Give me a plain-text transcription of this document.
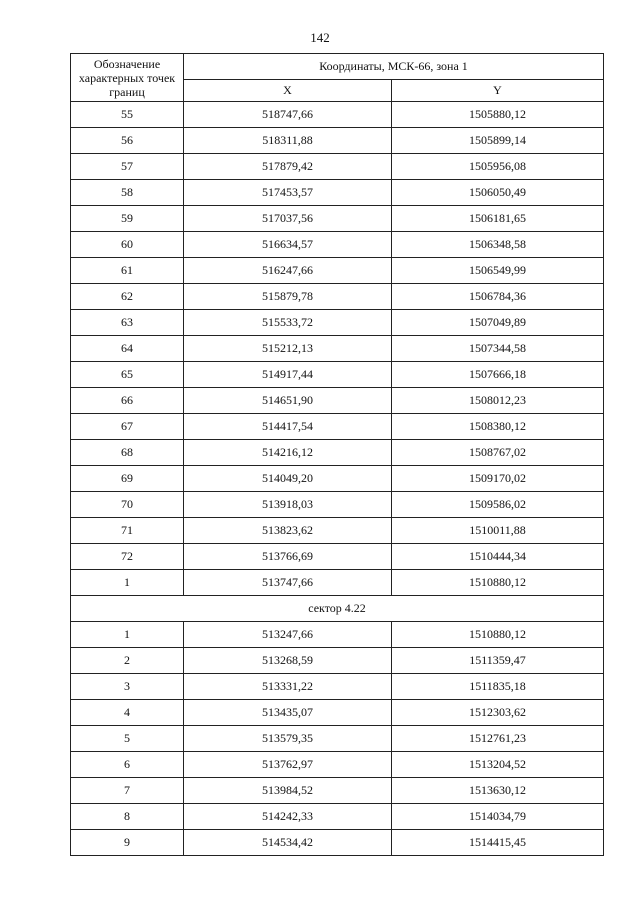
142
Обозначение характерных точек границ	Координаты, МСК-66, зона 1	
	X	Y
55	518747,66	1505880,12
56	518311,88	1505899,14
57	517879,42	1505956,08
58	517453,57	1506050,49
59	517037,56	1506181,65
60	516634,57	1506348,58
61	516247,66	1506549,99
62	515879,78	1506784,36
63	515533,72	1507049,89
64	515212,13	1507344,58
65	514917,44	1507666,18
66	514651,90	1508012,23
67	514417,54	1508380,12
68	514216,12	1508767,02
69	514049,20	1509170,02
70	513918,03	1509586,02
71	513823,62	1510011,88
72	513766,69	1510444,34
1	513747,66	1510880,12
сектор 4.22		
1	513247,66	1510880,12
2	513268,59	1511359,47
3	513331,22	1511835,18
4	513435,07	1512303,62
5	513579,35	1512761,23
6	513762,97	1513204,52
7	513984,52	1513630,12
8	514242,33	1514034,79
9	514534,42	1514415,45
